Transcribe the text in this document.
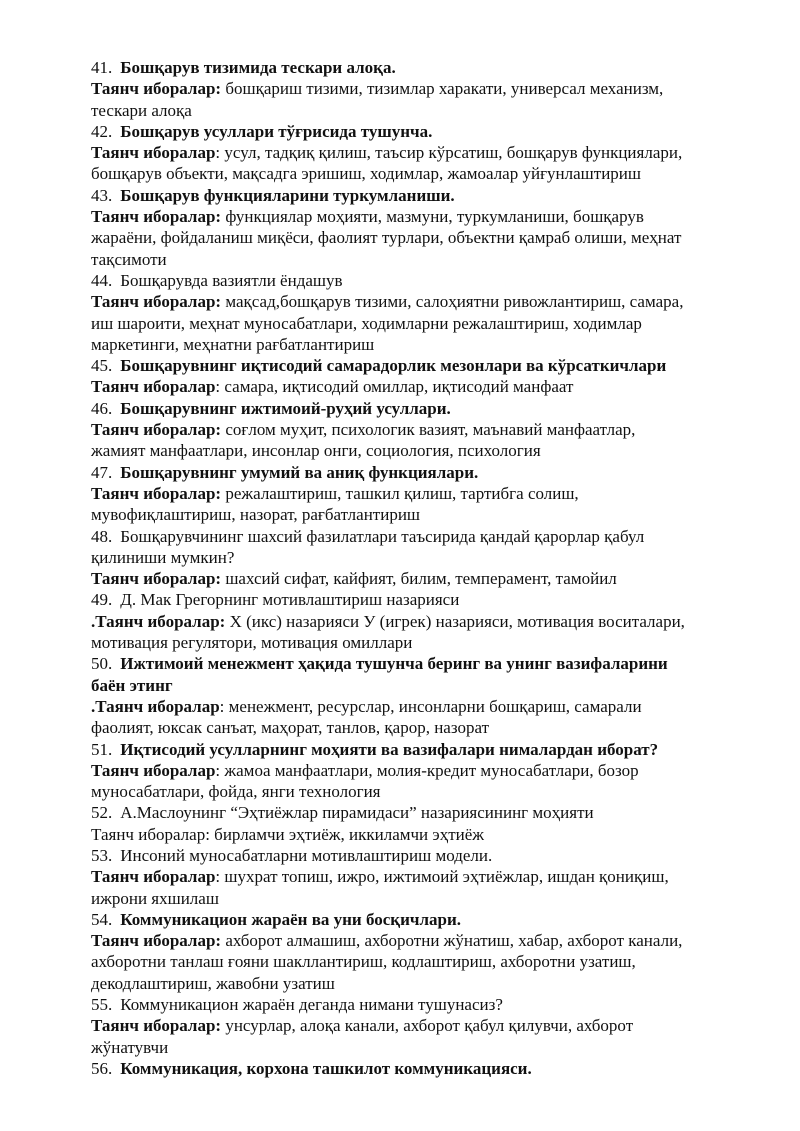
41. Бошқарув тизимида тескари алоқа.
Таянч иборалар: бошқариш тизими, тизимлар харакати, универсал механизм,
тескари алоқа
42. Бошқарув усуллари тўғрисида тушунча.
Таянч иборалар: усул, тадқиқ қилиш, таъсир кўрсатиш, бошқарув функциялари,
бошқарув объекти, мақсадга эришиш, ходимлар, жамоалар уйғунлаштириш
43. Бошқарув функцияларини туркумланиши.
Таянч иборалар: функциялар моҳияти, мазмуни, туркумланиши, бошқарув
жараёни, фойдаланиш миқёси, фаолият турлари, объектни қамраб олиши, меҳнат
тақсимоти
44. Бошқарувда вазиятли ёндашув
Таянч иборалар: мақсад,бошқарув тизими, салоҳиятни ривожлантириш, самара,
иш шароити, меҳнат муносабатлари, ходимларни режалаштириш, ходимлар
маркетинги, меҳнатни рағбатлантириш
45. Бошқарувнинг иқтисодий самарадорлик мезонлари ва кўрсаткичлари
Таянч иборалар: самара, иқтисодий омиллар, иқтисодий манфаат
46. Бошқарувнинг ижтимоий-руҳий усуллари.
Таянч иборалар: соғлом муҳит, психологик вазият, маънавий манфаатлар,
жамият манфаатлари, инсонлар онги, социология, психология
47. Бошқарувнинг умумий ва аниқ функциялари.
Таянч иборалар: режалаштириш, ташкил қилиш, тартибга солиш,
мувофиқлаштириш, назорат, рағбатлантириш
48. Бошқарувчининг шахсий фазилатлари таъсирида қандай қарорлар қабул
қилиниши мумкин?
Таянч иборалар: шахсий сифат, кайфият, билим, темперамент, тамойил
49. Д. Мак Грегорнинг мотивлаштириш назарияси
.Таянч иборалар: Х (икс) назарияси У (игрек) назарияси, мотивация воситалари,
мотивация регулятори, мотивация омиллари
50. Ижтимоий менежмент ҳақида тушунча беринг ва унинг вазифаларини
баён этинг
.Таянч иборалар: менежмент, ресурслар, инсонларни бошқариш, самарали
фаолият, юксак санъат, маҳорат, танлов, қарор, назорат
51. Иқтисодий усулларнинг моҳияти ва вазифалари нималардан иборат?
Таянч иборалар: жамоа манфаатлари, молия-кредит муносабатлари, бозор
муносабатлари, фойда, янги технология
52. А.Маслоунинг “Эҳтиёжлар пирамидаси” назариясининг моҳияти
Таянч иборалар: бирламчи эҳтиёж, иккиламчи эҳтиёж
53. Инсоний муносабатларни мотивлаштириш модели.
Таянч иборалар: шухрат топиш, ижро, ижтимоий эҳтиёжлар, ишдан қониқиш,
ижрони яхшилаш
54. Коммуникацион жараён ва уни босқичлари.
Таянч иборалар: ахборот алмашиш, ахборотни жўнатиш, хабар, ахборот канали,
ахборотни танлаш ғояни шакллантириш, кодлаштириш, ахборотни узатиш,
декодлаштириш, жавобни узатиш
55. Коммуникацион жараён деганда нимани тушунасиз?
Таянч иборалар: унсурлар, алоқа канали, ахборот қабул қилувчи, ахборот
жўнатувчи
56. Коммуникация, корхона ташкилот коммуникацияси.
